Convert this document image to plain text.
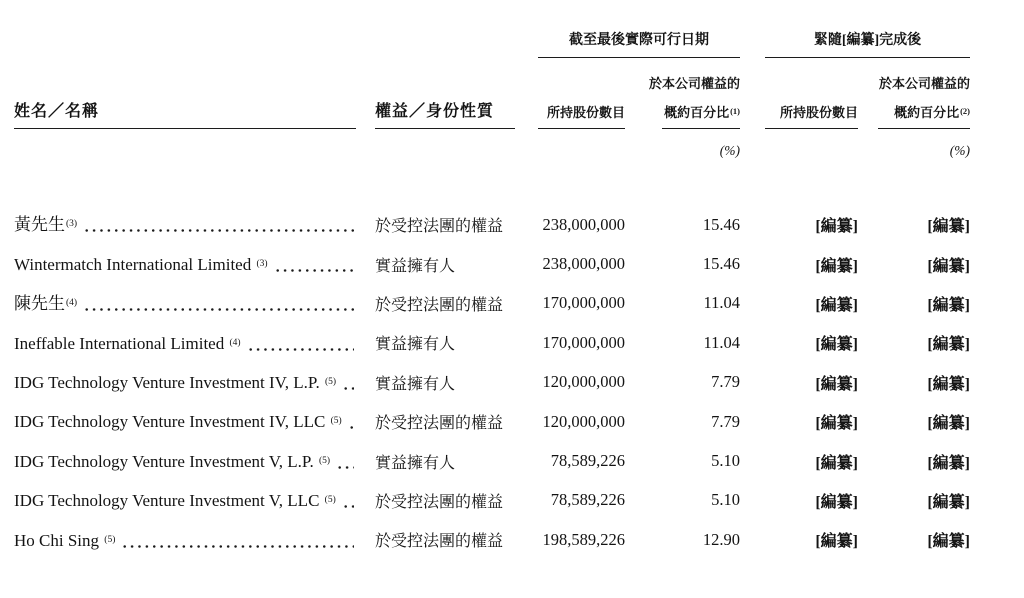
截至最後實際可行日期	緊隨[編纂]完成後
於本公司權益的	於本公司權益的
姓名／名稱	權益／身份性質	所持股份數目	概約百分比 (1)	所持股份數目	概約百分比 (2)
(%)	(%)
黃先生 (3)	於受控法團的權益	238,000,000	15.46	[編纂]	[編纂]
Wintermatch International Limited (3)	實益擁有人	238,000,000	15.46	[編纂]	[編纂]
陳先生 (4)	於受控法團的權益	170,000,000	11.04	[編纂]	[編纂]
Ineffable International Limited (4)	實益擁有人	170,000,000	11.04	[編纂]	[編纂]
IDG Technology Venture Investment IV, L.P. (5) 實益擁有人	120,000,000	7.79	[編纂]	[編纂]
IDG Technology Venture Investment IV, LLC (5) 於受控法團的權益	120,000,000	7.79	[編纂]	[編纂]
IDG Technology Venture Investment V, L.P. (5)	實益擁有人	78,589,226	5.10	[編纂]	[編纂]
IDG Technology Venture Investment V, LLC (5) 於受控法團的權益	78,589,226	5.10	[編纂]	[編纂]
Ho Chi Sing (5)	於受控法團的權益	198,589,226	12.90	[編纂]	[編纂]
